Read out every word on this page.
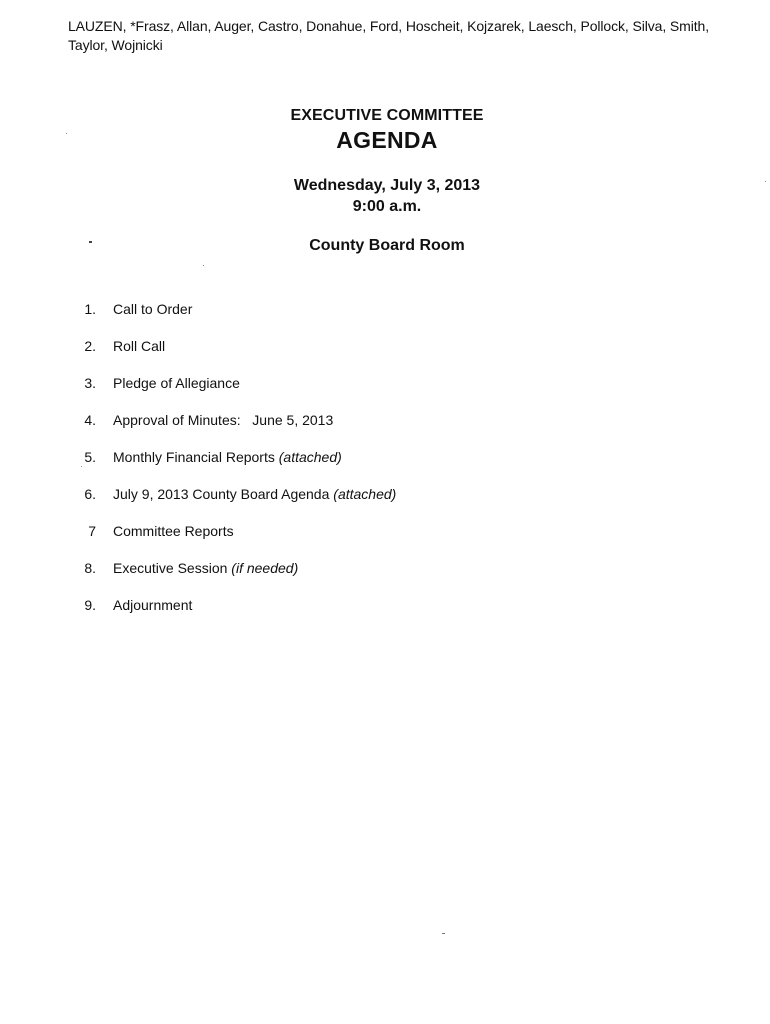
LAUZEN, *Frasz, Allan, Auger, Castro, Donahue, Ford, Hoscheit, Kojzarek, Laesch, Pollock, Silva, Smith, Taylor, Wojnicki
EXECUTIVE COMMITTEE
AGENDA
Wednesday, July 3, 2013
9:00 a.m.
County Board Room
1. Call to Order
2. Roll Call
3. Pledge of Allegiance
4. Approval of Minutes:   June 5, 2013
5. Monthly Financial Reports (attached)
6. July 9, 2013 County Board Agenda (attached)
7 Committee Reports
8. Executive Session (if needed)
9. Adjournment
